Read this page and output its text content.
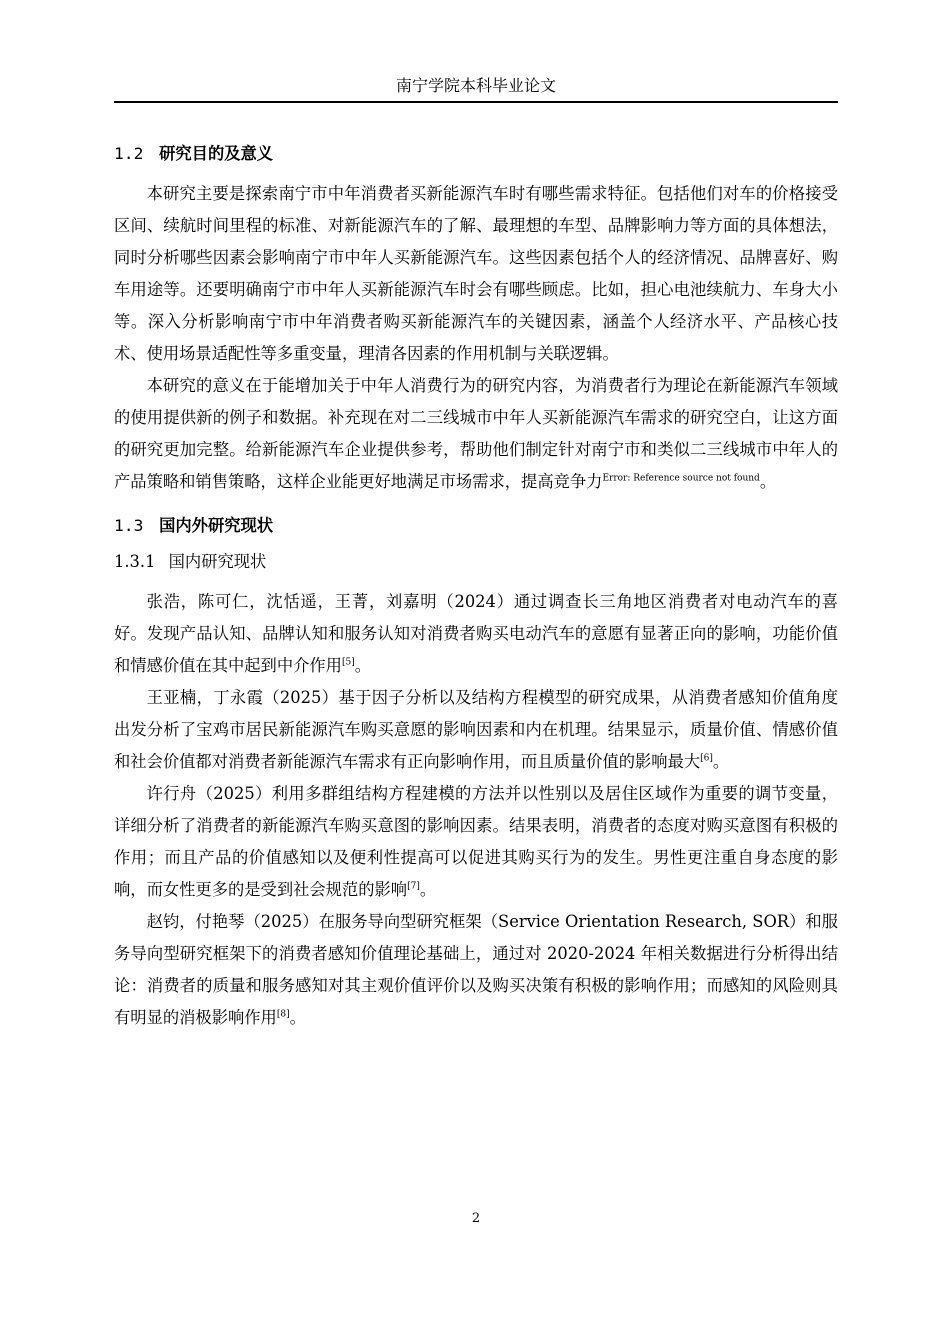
南宁学院本科毕业论文
1.2 研究目的及意义

本研究主要是探索南宁市中年消费者买新能源汽车时有哪些需求特征。包括他们对车的价格接受区间、续航时间里程的标准、对新能源汽车的了解、最理想的车型、品牌影响力等方面的具体想法，同时分析哪些因素会影响南宁市中年人买新能源汽车。这些因素包括个人的经济情况、品牌喜好、购车用途等。还要明确南宁市中年人买新能源汽车时会有哪些顾虑。比如，担心电池续航力、车身大小等。深入分析影响南宁市中年消费者购买新能源汽车的关键因素，涵盖个人经济水平、产品核心技术、使用场景适配性等多重变量，理清各因素的作用机制与关联逻辑。

本研究的意义在于能增加关于中年人消费行为的研究内容，为消费者行为理论在新能源汽车领域的使用提供新的例子和数据。补充现在对二三线城市中年人买新能源汽车需求的研究空白，让这方面的研究更加完整。给新能源汽车企业提供参考，帮助他们制定针对南宁市和类似二三线城市中年人的产品策略和销售策略，这样企业能更好地满足市场需求，提高竞争力$^{Error: Reference source not found}$。

1.3 国内外研究现状
1.3.1 国内研究现状

张浩，陈可仁，沈恬遥，王菁，刘嘉明（2024）通过调查长三角地区消费者对电动汽车的喜好。发现产品认知、品牌认知和服务认知对消费者购买电动汽车的意愿有显著正向的影响，功能价值和情感价值在其中起到中介作用[5]。

王亚楠，丁永霞（2025）基于因子分析以及结构方程模型的研究成果，从消费者感知价值角度出发分析了宝鸡市居民新能源汽车购买意愿的影响因素和内在机理。结果显示，质量价值、情感价值和社会价值都对消费者新能源汽车需求有正向影响作用，而且质量价值的影响最大[6]。

许行舟（2025）利用多群组结构方程建模的方法并以性别以及居住区域作为重要的调节变量，详细分析了消费者的新能源汽车购买意图的影响因素。结果表明，消费者的态度对购买意图有积极的作用；而且产品的价值感知以及便利性提高可以促进其购买行为的发生。男性更注重自身态度的影响，而女性更多的是受到社会规范的影响[7]。

赵钧，付艳琴（2025）在服务导向型研究框架（Service Orientation Research, SOR）和服务导向型研究框架下的消费者感知价值理论基础上，通过对 2020-2024 年相关数据进行分析得出结论：消费者的质量和服务感知对其主观价值评价以及购买决策有积极的影响作用；而感知的风险则具有明显的消极影响作用[8]。

2
